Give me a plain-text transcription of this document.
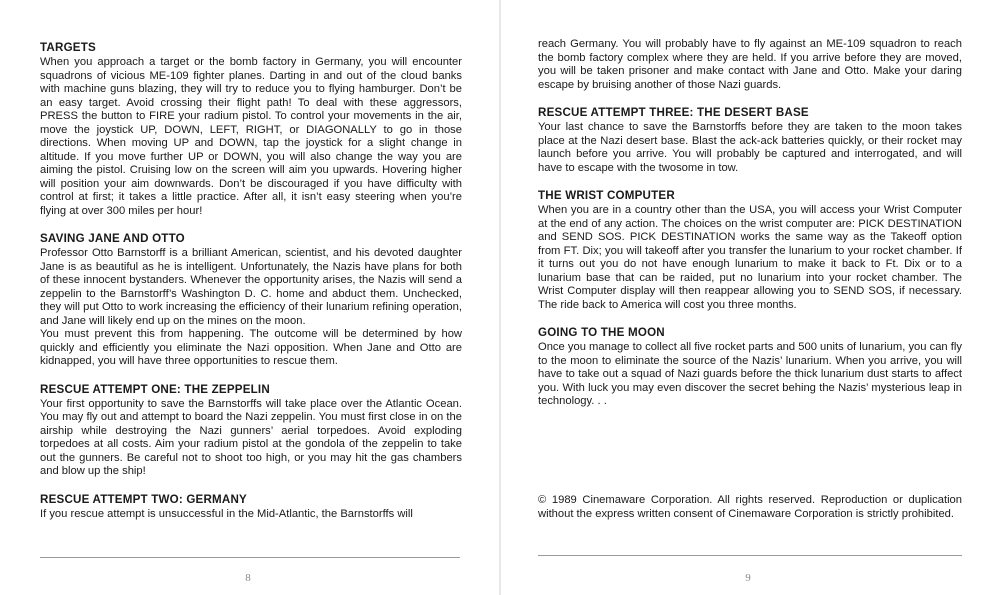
TARGETS

When you approach a target or the bomb factory in Germany, you will encounter squadrons of vicious ME-109 fighter planes. Darting in and out of the cloud banks with machine guns blazing, they will try to reduce you to flying hamburger. Don’t be an easy target. Avoid crossing their flight path! To deal with these aggressors, PRESS the button to FIRE your radium pistol. To control your movements in the air, move the joystick UP, DOWN, LEFT, RIGHT, or DIAGONALLY to go in those directions. When moving UP and DOWN, tap the joystick for a slight change in altitude. If you move further UP or DOWN, you will also change the way you are aiming the pistol. Cruising low on the screen will aim you upwards. Hovering higher will position your aim downwards. Don’t be discouraged if you have difficulty with control at first; it takes a little practice. After all, it isn’t easy steering when you’re flying at over 300 miles per hour!

SAVING JANE AND OTTO

Professor Otto Barnstorff is a brilliant American, scientist, and his devoted daughter Jane is as beautiful as he is intelligent. Unfortunately, the Nazis have plans for both of these innocent bystanders. Whenever the opportunity arises, the Nazis will send a zeppelin to the Barnstorff’s Washington D. C. home and abduct them. Unchecked, they will put Otto to work increasing the efficiency of their lunarium refining operation, and Jane will likely end up on the mines on the moon.

You must prevent this from happening. The outcome will be determined by how quickly and efficiently you eliminate the Nazi opposition. When Jane and Otto are kidnapped, you will have three opportunities to rescue them.

RESCUE ATTEMPT ONE: THE ZEPPELIN

Your first opportunity to save the Barnstorffs will take place over the Atlantic Ocean. You may fly out and attempt to board the Nazi zeppelin. You must first close in on the airship while destroying the Nazi gunners’ aerial torpedoes. Avoid exploding torpedoes at all costs. Aim your radium pistol at the gondola of the zeppelin to take out the gunners. Be careful not to shoot too high, or you may hit the gas chambers and blow up the ship!

RESCUE ATTEMPT TWO: GERMANY

If you rescue attempt is unsuccessful in the Mid-Atlantic, the Barnstorffs will

8

reach Germany. You will probably have to fly against an ME-109 squadron to reach the bomb factory complex where they are held. If you arrive before they are moved, you will be taken prisoner and make contact with Jane and Otto. Make your daring escape by bruising another of those Nazi guards.

RESCUE ATTEMPT THREE: THE DESERT BASE

Your last chance to save the Barnstorffs before they are taken to the moon takes place at the Nazi desert base. Blast the ack-ack batteries quickly, or their rocket may launch before you arrive. You will probably be captured and interrogated, and will have to escape with the twosome in tow.

THE WRIST COMPUTER

When you are in a country other than the USA, you will access your Wrist Computer at the end of any action. The choices on the wrist computer are: PICK DESTINATION and SEND SOS. PICK DESTINATION works the same way as the Takeoff option from FT. Dix; you will takeoff after you transfer the lunarium to your rocket chamber. If it turns out you do not have enough lunarium to make it back to Ft. Dix or to a lunarium base that can be raided, put no lunarium into your rocket chamber. The Wrist Computer display will then reappear allowing you to SEND SOS, if necessary. The ride back to America will cost you three months.

GOING TO THE MOON

Once you manage to collect all five rocket parts and 500 units of lunarium, you can fly to the moon to eliminate the source of the Nazis’ lunarium. When you arrive, you will have to take out a squad of Nazi guards before the thick lunarium dust starts to affect you. With luck you may even discover the secret behing the Nazis’ mysterious leap in technology. . .

© 1989 Cinemaware Corporation. All rights reserved. Reproduction or duplication without the express written consent of Cinemaware Corporation is strictly prohibited.

9
